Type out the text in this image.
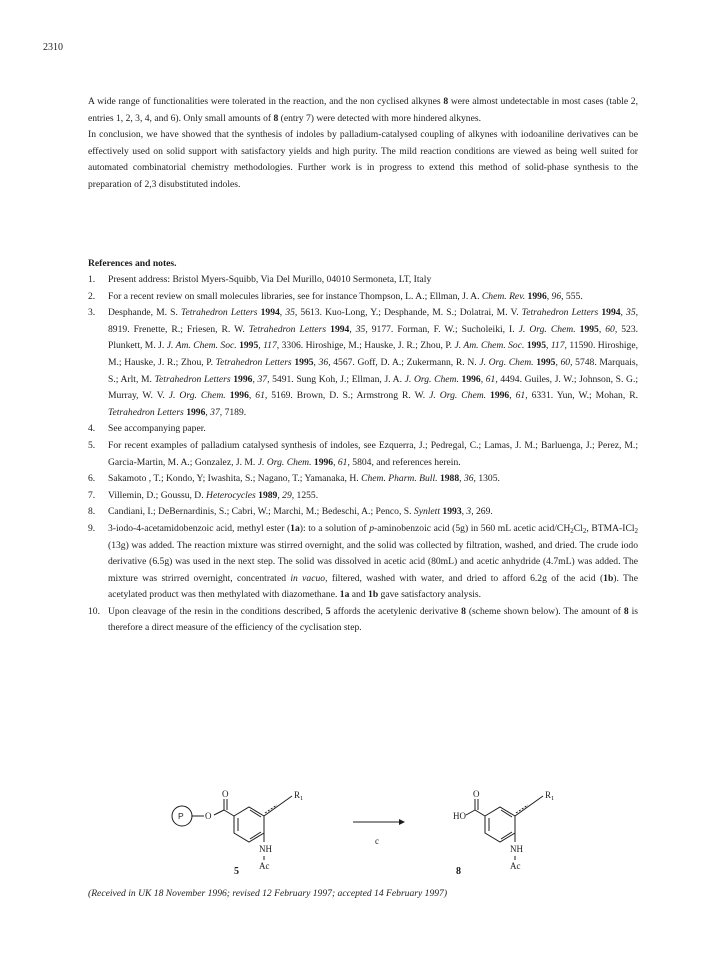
2310

A wide range of functionalities were tolerated in the reaction, and the non cyclised alkynes 8 were almost undetectable in most cases (table 2, entries 1, 2, 3, 4, and 6). Only small amounts of 8 (entry 7) were detected with more hindered alkynes.

In conclusion, we have showed that the synthesis of indoles by palladium-catalysed coupling of alkynes with iodoaniline derivatives can be effectively used on solid support with satisfactory yields and high purity. The mild reaction conditions are viewed as being well suited for automated combinatorial chemistry methodologies. Further work is in progress to extend this method of solid-phase synthesis to the preparation of 2,3 disubstituted indoles.

References and notes.
1. Present address: Bristol Myers-Squibb, Via Del Murillo, 04010 Sermoneta, LT, Italy
2. For a recent review on small molecules libraries, see for instance Thompson, L. A.; Ellman, J. A. Chem. Rev. 1996, 96, 555.
3. Desphande, M. S. Tetrahedron Letters 1994, 35, 5613. Kuo-Long, Y.; Desphande, M. S.; Dolatrai, M. V. Tetrahedron Letters 1994, 35, 8919. Frenette, R.; Friesen, R. W. Tetrahedron Letters 1994, 35, 9177. Forman, F. W.; Sucholeiki, I. J. Org. Chem. 1995, 60, 523. Plunkett, M. J. J. Am. Chem. Soc. 1995, 117, 3306. Hiroshige, M.; Hauske, J. R.; Zhou, P. J. Am. Chem. Soc. 1995, 117, 11590. Hiroshige, M.; Hauske, J. R.; Zhou, P. Tetrahedron Letters 1995, 36, 4567. Goff, D. A.; Zukermann, R. N. J. Org. Chem. 1995, 60, 5748. Marquais, S.; Arlt, M. Tetrahedron Letters 1996, 37, 5491. Sung Koh, J.; Ellman, J. A. J. Org. Chem. 1996, 61, 4494. Guiles, J. W.; Johnson, S. G.; Murray, W. V. J. Org. Chem. 1996, 61, 5169. Brown, D. S.; Armstrong R. W. J. Org. Chem. 1996, 61, 6331. Yun, W.; Mohan, R. Tetrahedron Letters 1996, 37, 7189.
4. See accompanying paper.
5. For recent examples of palladium catalysed synthesis of indoles, see Ezquerra, J.; Pedregal, C.; Lamas, J. M.; Barluenga, J.; Perez, M.; Garcia-Martin, M. A.; Gonzalez, J. M. J. Org. Chem. 1996, 61, 5804, and references herein.
6. Sakamoto , T.; Kondo, Y; Iwashita, S.; Nagano, T.; Yamanaka, H. Chem. Pharm. Bull. 1988, 36, 1305.
7. Villemin, D.; Goussu, D. Heterocycles 1989, 29, 1255.
8. Candiani, I.; DeBernardinis, S.; Cabri, W.; Marchi, M.; Bedeschi, A.; Penco, S. Synlett 1993, 3, 269.
9. 3-iodo-4-acetamidobenzoic acid, methyl ester (1a): to a solution of p-aminobenzoic acid (5g) in 560 mL acetic acid/$CH_2Cl_2$, BTMA-ICl$_2$ (13g) was added. The reaction mixture was stirred overnight, and the solid was collected by filtration, washed, and dried. The crude iodo derivative (6.5g) was used in the next step. The solid was dissolved in acetic acid (80mL) and acetic anhydride (4.7mL) was added. The mixture was strirred overnight, concentrated in vacuo, filtered, washed with water, and dried to afford 6.2g of the acid (1b). The acetylated product was then methylated with diazomethane. 1a and 1b gave satisfactory analysis.
10. Upon cleavage of the resin in the conditions described, 5 affords the acetylenic derivative 8 (scheme shown below). The amount of 8 is therefore a direct measure of the efficiency of the cyclisation step.
P O
O	$R_1$
NH
Ac
5
c
HO
O	$R_1$
NH
Ac
8
(Received in UK 18 November 1996; revised 12 February 1997; accepted 14 February 1997)
